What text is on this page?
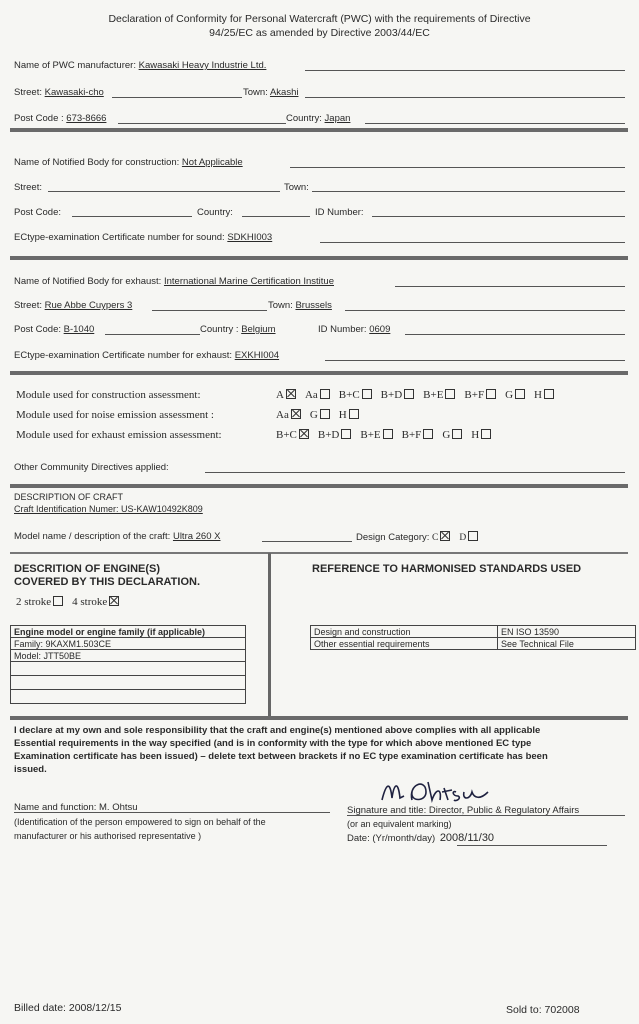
Declaration of Conformity for Personal Watercraft (PWC) with the requirements of Directive
94/25/EC as amended by Directive 2003/44/EC
Name of PWC manufacturer: Kawasaki Heavy Industrie Ltd.
Street: Kawasaki-cho	Town: Akashi
Post Code : 673-8666	Country: Japan
Name of Notified Body for construction: Not Applicable
Street:	Town:
Post Code:	Country:	ID Number:
ECtype-examination Certificate number for sound: SDKHI003
Name of Notified Body for exhaust: International Marine Certification Institue
Street: Rue Abbe Cuypers 3	Town: Brussels
Post Code: B-1040	Country : Belgium	ID Number: 0609
ECtype-examination Certificate number for exhaust: EXKHI004
Module used for construction assessment:	A Aa B+C B+D B+E B+F G H
Module used for noise emission assessment :	Aa G H
Module used for exhaust emission assessment:	B+C B+D B+E B+F G H
Other Community Directives applied:
DESCRIPTION OF CRAFT
Craft Identification Numer: US-KAW10492K809
Model name / description of the craft: Ultra 260 X	Design Category: C D
DESCRITION OF ENGINE(S)
COVERED BY THIS DECLARATION.
2 stroke 4 stroke
Engine model or engine family (if applicable)
Family: 9KAXM1.503CE
Model: JTT50BE

REFERENCE TO HARMONISED STANDARDS USED
Design and construction	EN ISO 13590
Other essential requirements	See Technical File
I declare at my own and sole responsibility that the craft and engine(s) mentioned above complies with all applicable
Essential requirements in the way specified (and is in conformity with the type for which above mentioned EC type
Examination certificate has been issued) – delete text between brackets if no EC type examination certificate has been
issued.
Name and function: M. Ohtsu
(Identification of the person empowered to sign on behalf of the
manufacturer or his authorised representative )
Signature and title: Director, Public & Regulatory Affairs
(or an equivalent marking)
Date: (Yr/month/day) 2008/11/30
Billed date: 2008/12/15	Sold to: 702008
